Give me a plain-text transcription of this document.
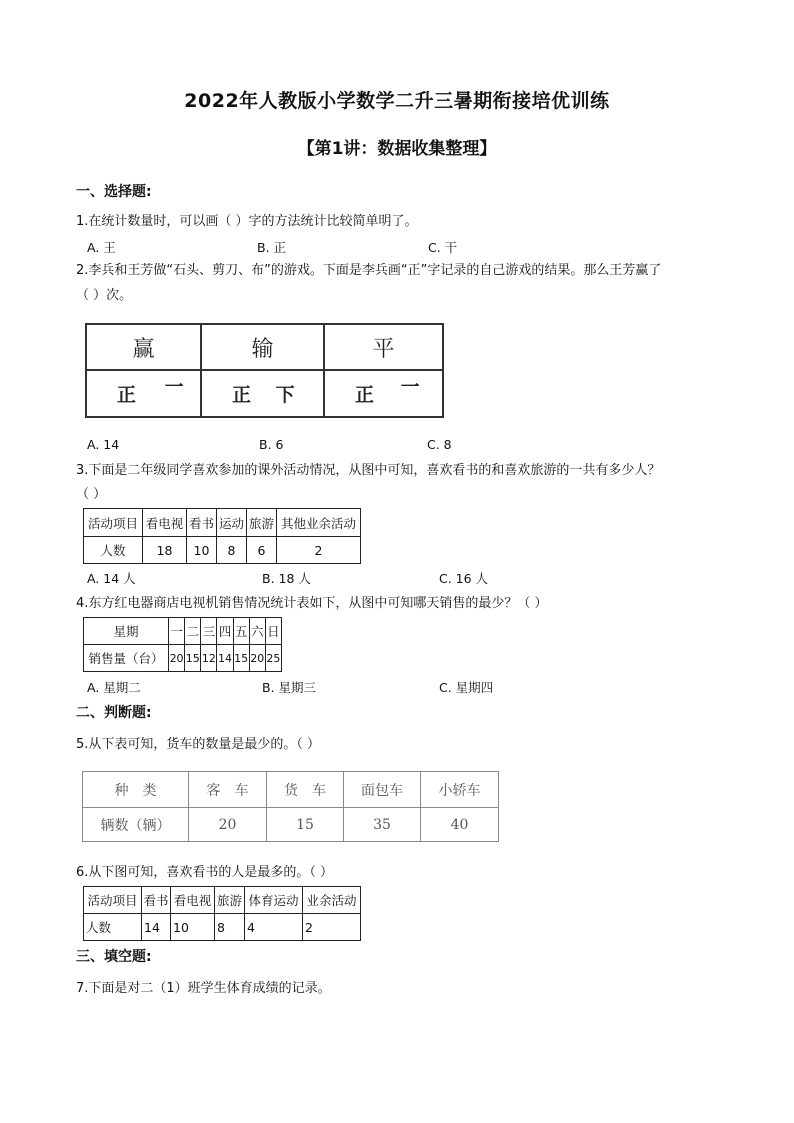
2022年人教版小学数学二升三暑期衔接培优训练
【第1讲：数据收集整理】
一、选择题:
1.在统计数量时，可以画（ ）字的方法统计比较简单明了。
A. 王	B. 正	C. 干
2.李兵和王芳做“石头、剪刀、布”的游戏。下面是李兵画“正”字记录的自己游戏的结果。那么王芳赢了
（ ）次。
赢	输	平
正 一	正 下	正 一
A. 14	B. 6	C. 8
3.下面是二年级同学喜欢参加的课外活动情况，从图中可知，喜欢看书的和喜欢旅游的一共有多少人？
（ ）
活动项目	看电视	看书	运动	旅游	其他业余活动
人数	18	10	8	6	2
A. 14 人	B. 18 人	C. 16 人
4.东方红电器商店电视机销售情况统计表如下，从图中可知哪天销售的最少？（ ）
星期	一	二	三	四	五	六	日
销售量（台）	20	15	12	14	15	20	25
A. 星期二	B. 星期三	C. 星期四
二、判断题:
5.从下表可知，货车的数量是最少的。（ ）
种　类	客　车	货　车	面包车	小轿车
辆数（辆）	20	15	35	40
6.从下图可知，喜欢看书的人是最多的。（ ）
活动项目	看书	看电视	旅游	体育运动	业余活动
人数	14	10	8	4	2
三、填空题:
7.下面是对二（1）班学生体育成绩的记录。
